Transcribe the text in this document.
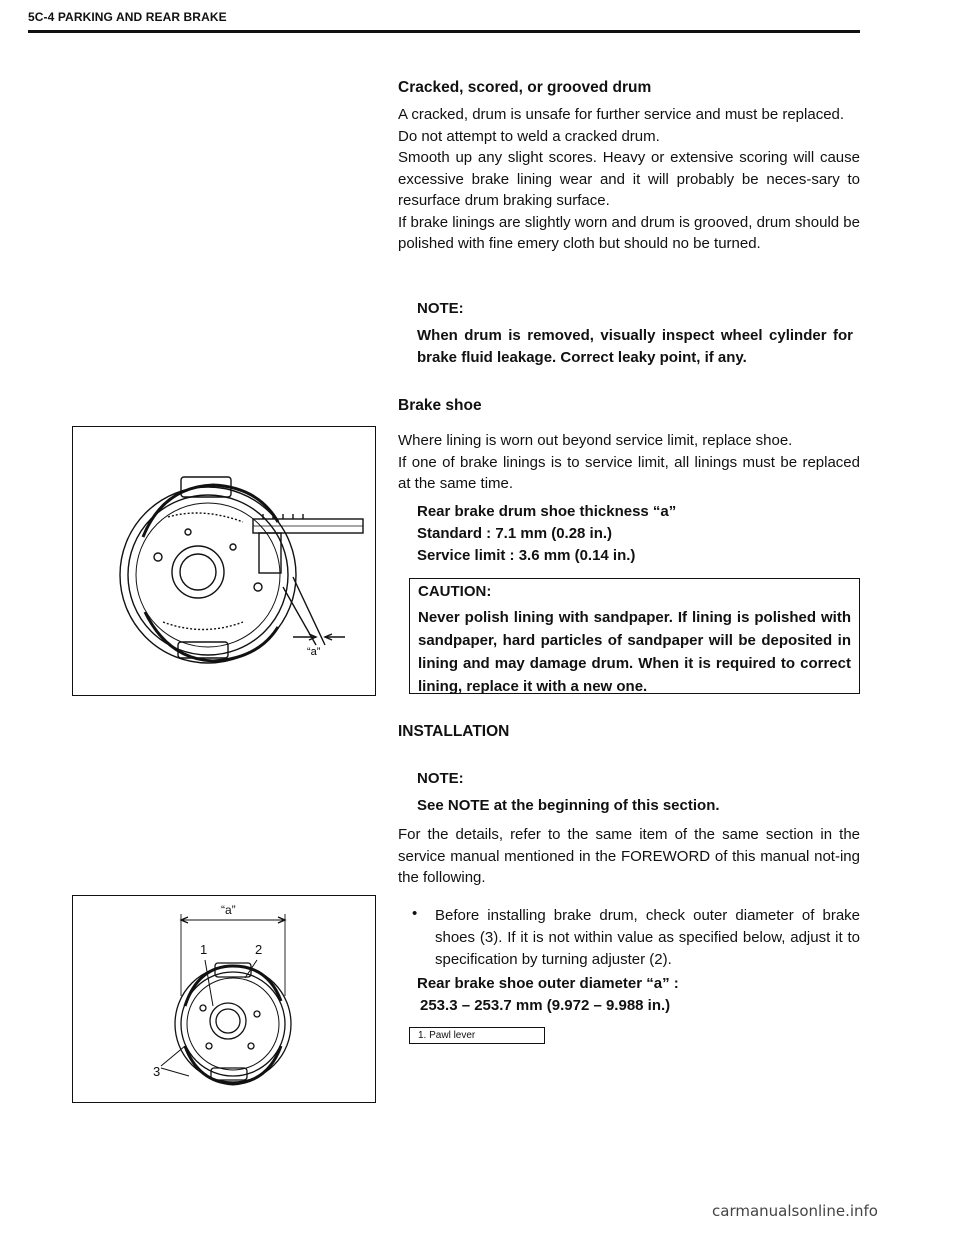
5C-4 PARKING AND REAR BRAKE
Cracked, scored, or grooved drum

A cracked, drum is unsafe for further service and must be replaced.

Do not attempt to weld a cracked drum.

Smooth up any slight scores. Heavy or extensive scoring will cause excessive brake lining wear and it will probably be neces-sary to resurface drum braking surface.

If brake linings are slightly worn and drum is grooved, drum should be polished with fine emery cloth but should no be turned.

NOTE:
When drum is removed, visually inspect wheel cylinder for brake fluid leakage. Correct leaky point, if any.
Brake shoe
“a”

Where lining is worn out beyond service limit, replace shoe.

If one of brake linings is to service limit, all linings must be replaced at the same time.

Rear brake drum shoe thickness “a”
Standard : 7.1 mm (0.28 in.)
Service limit : 3.6 mm (0.14 in.)
CAUTION:
Never polish lining with sandpaper. If lining is polished with sandpaper, hard particles of sandpaper will be deposited in lining and may damage drum. When it is required to correct lining, replace it with a new one.
INSTALLATION
NOTE:
See NOTE at the beginning of this section.
For the details, refer to the same item of the same section in the service manual mentioned in the FOREWORD of this manual not-ing the following.
“a”
1	2
3
• Before installing brake drum, check outer diameter of brake shoes (3). If it is not within value as specified below, adjust it to specification by turning adjuster (2).
Rear brake shoe outer diameter “a” :
253.3 – 253.7 mm (9.972 – 9.988 in.)
1. Pawl lever
carmanualsonline.info
